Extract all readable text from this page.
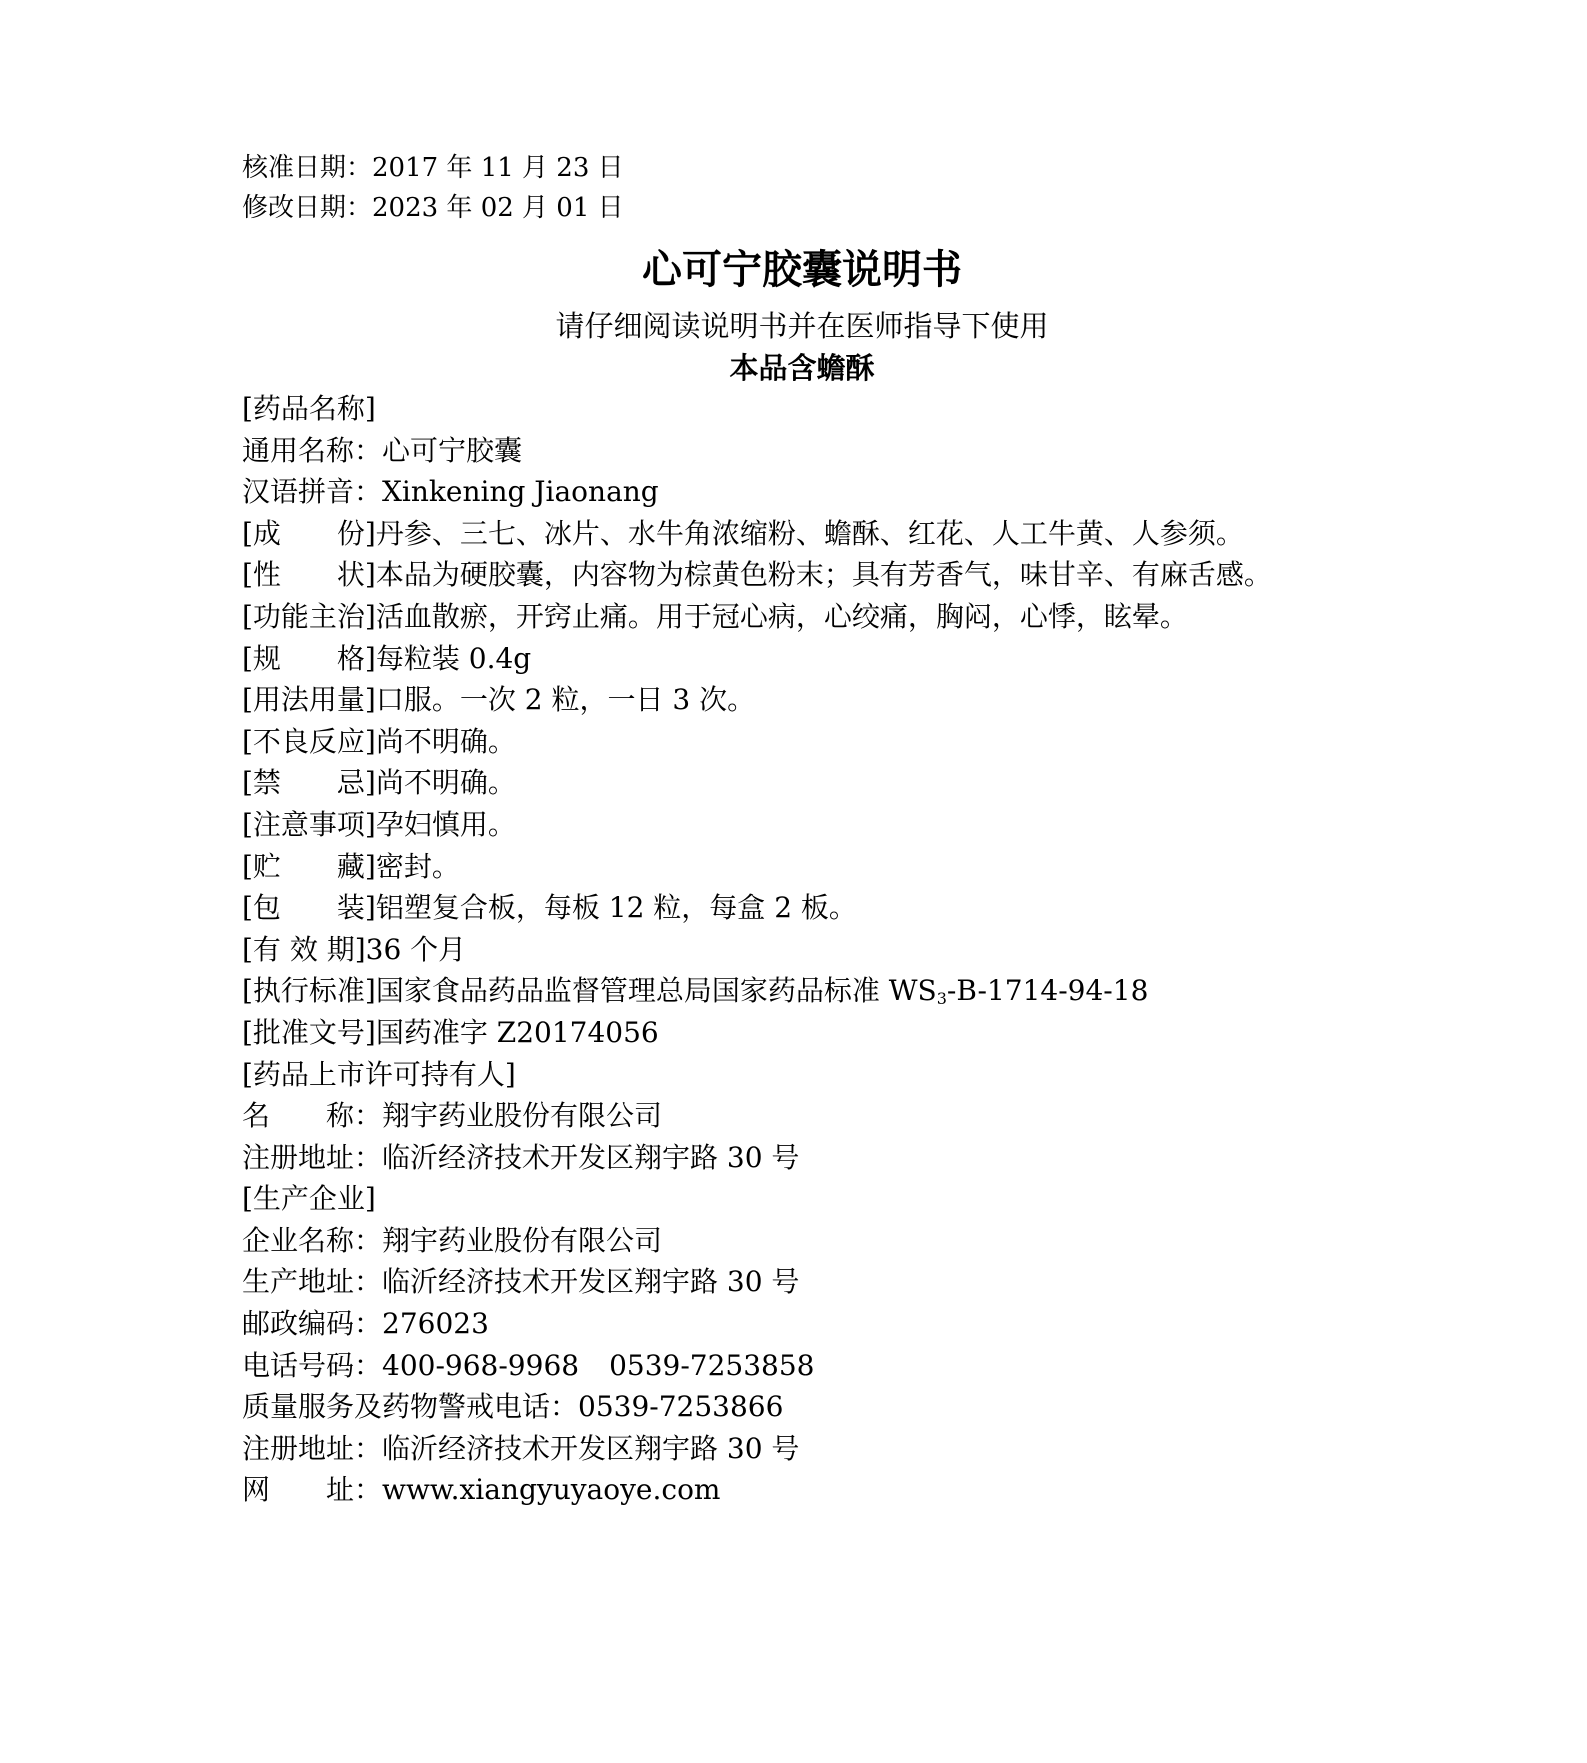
核准日期：2017 年 11 月 23 日
修改日期：2023 年 02 月 01 日
心可宁胶囊说明书
请仔细阅读说明书并在医师指导下使用
本品含蟾酥
[药品名称]
通用名称：心可宁胶囊
汉语拼音：Xinkening Jiaonang
[成　　份]丹参、三七、冰片、水牛角浓缩粉、蟾酥、红花、人工牛黄、人参须。
[性　　状]本品为硬胶囊，内容物为棕黄色粉末；具有芳香气，味甘辛、有麻舌感。
[功能主治]活血散瘀，开窍止痛。用于冠心病，心绞痛，胸闷，心悸，眩晕。
[规　　格]每粒装 0.4g
[用法用量]口服。一次 2 粒，一日 3 次。
[不良反应]尚不明确。
[禁　　忌]尚不明确。
[注意事项]孕妇慎用。
[贮　　藏]密封。
[包　　装]铝塑复合板，每板 12 粒，每盒 2 板。
[有 效 期]36 个月
[执行标准]国家食品药品监督管理总局国家药品标准 $WS_3-B-1714-94-18$
[批准文号]国药准字 Z20174056
[药品上市许可持有人]
名　　称：翔宇药业股份有限公司
注册地址：临沂经济技术开发区翔宇路 30 号
[生产企业]
企业名称：翔宇药业股份有限公司
生产地址：临沂经济技术开发区翔宇路 30 号
邮政编码：276023
电话号码：400-968-9968 0539-7253858
质量服务及药物警戒电话：0539-7253866
注册地址：临沂经济技术开发区翔宇路 30 号
网　　址：www.xiangyuyaoye.com
